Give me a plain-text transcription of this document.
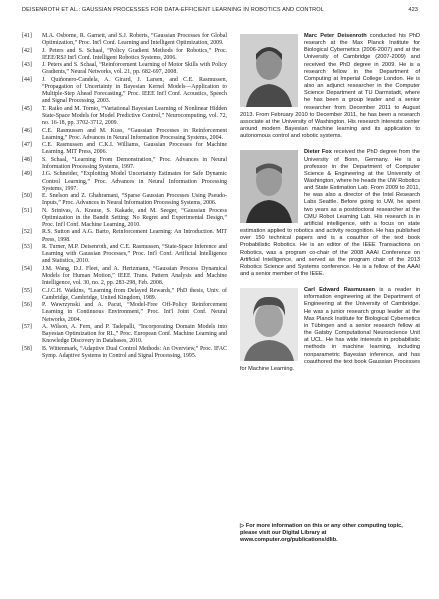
DEISENROTH ET AL.: GAUSSIAN PROCESSES FOR DATA-EFFICIENT LEARNING IN ROBOTICS AND CONTROL	423
[41] M.A. Osborne, R. Garnett, and S.J. Roberts, “Gaussian Processes for Global Optimization,” Proc. Int'l Conf. Learning and Intelligent Optimization, 2009.
[42] J. Peters and S. Schaal, “Policy Gradient Methods for Robotics,” Proc. IEEE/RSJ Int'l Conf. Intelligent Robotics Systems, 2006.
[43] J. Peters and S. Schaal, “Reinforcement Learning of Motor Skills with Policy Gradients,” Neural Networks, vol. 21, pp. 682-697, 2008.
[44] J. Quiñonero-Candela, A. Girard, J. Larsen, and C.E. Rasmussen, “Propagation of Uncertainty in Bayesian Kernel Models—Application to Multiple-Step Ahead Forecasting,” Proc. IEEE Int'l Conf. Acoustics, Speech and Signal Processing, 2003.
[45] T. Raiko and M. Tornio, “Variational Bayesian Learning of Nonlinear Hidden State-Space Models for Model Predictive Control,” Neurocomputing, vol. 72, no. 16-18, pp. 3702-3712, 2009.
[46] C.E. Rasmussen and M. Kuss, “Gaussian Processes in Reinforcement Learning,” Proc. Advances in Neural Information Processing Systems, 2004.
[47] C.E. Rasmussen and C.K.I. Williams, Gaussian Processes for Machine Learning. MIT Press, 2006.
[48] S. Schaal, “Learning From Demonstration,” Proc. Advances in Neural Information Processing Systems, 1997.
[49] J.G. Schneider, “Exploiting Model Uncertainty Estimates for Safe Dynamic Control Learning,” Proc. Advances in Neural Information Processing Systems, 1997.
[50] E. Snelson and Z. Ghahramani, “Sparse Gaussian Processes Using Pseudo-Inputs,” Proc. Advances in Neural Information Processing Systems, 2006.
[51] N. Srinivas, A. Krause, S. Kakade, and M. Seeger, “Gaussian Process Optimization in the Bandit Setting: No Regret and Experimental Design,” Proc. Int'l Conf. Machine Learning, 2010.
[52] R.S. Sutton and A.G. Barto, Reinforcement Learning: An Introduction. MIT Press, 1998.
[53] R. Turner, M.P. Deisenroth, and C.E. Rasmussen, “State-Space Inference and Learning with Gaussian Processes,” Proc. Int'l Conf. Artificial Intelligence and Statistics, 2010.
[54] J.M. Wang, D.J. Fleet, and A. Hertzmann, “Gaussian Process Dynamical Models for Human Motion,” IEEE Trans. Pattern Analysis and Machine Intelligence, vol. 30, no. 2, pp. 283-298, Feb. 2008.
[55] C.J.C.H. Watkins, “Learning from Delayed Rewards,” PhD thesis, Univ. of Cambridge, Cambridge, United Kingdom, 1989.
[56] P. Wawrzynski and A. Pacut, “Model-Free Off-Policy Reinforcement Learning in Continuous Environment,” Proc. Int'l Joint Conf. Neural Networks, 2004.
[57] A. Wilson, A. Fern, and P. Tadepalli, “Incorporating Domain Models into Bayesian Optimization for RL,” Proc. European Conf. Machine Learning and Knowledge Discovery in Databases, 2010.
[58] B. Wittenmark, “Adaptive Dual Control Methods: An Overview,” Proc. IFAC Symp. Adaptive Systems in Control and Signal Processing, 1995.
Marc Peter Deisenroth conducted his PhD research at the Max Planck Institute for Biological Cybernetics (2006-2007) and at the University of Cambridge (2007-2009) and received the PhD degree in 2009. He is a research fellow in the Department of Computing at Imperial College London. He is also an adjunct researcher in the Computer Science Department at TU Darmstadt, where he has been a group leader and a senior researcher from December 2011 to August 2013. From February 2010 to December 2011, he has been a research associate at the University of Washington. His research interests center around modern Bayesian machine learning and its application to autonomous control and robotic systems.
Dieter Fox received the PhD degree from the University of Bonn, Germany. He is a professor in the Department of Computer Science & Engineering at the University of Washington, where he heads the UW Robotics and State Estimation Lab. From 2009 to 2011, he was also a director of the Intel Research Labs Seattle. Before going to UW, he spent two years as a postdoctoral researcher at the CMU Robot Learning Lab. His research is in artificial intelligence, with a focus on state estimation applied to robotics and activity recognition. He has published over 150 technical papers and is a coauthor of the text book Probabilistic Robotics. He is an editor of the IEEE Transactions on Robotics, was a program co-chair of the 2008 AAAI Conference on Artificial Intelligence, and served as the program chair of the 2013 Robotics Science and Systems conference. He is a fellow of the AAAI and a senior member of the IEEE.
Carl Edward Rasmussen is a reader in information engineering at the Department of Engineering at the University of Cambridge. He was a junior research group leader at the Max Planck Institute for Biological Cybernetics in Tübingen and a senior research fellow at the Gatsby Computational Neuroscience Unit at UCL. He has wide interests in probabilistic methods in machine learning, including nonparametric Bayesian inference, and has coauthored the text book Gaussian Processes for Machine Learning.
▷ For more information on this or any other computing topic, please visit our Digital Library at www.computer.org/publications/dlib.
